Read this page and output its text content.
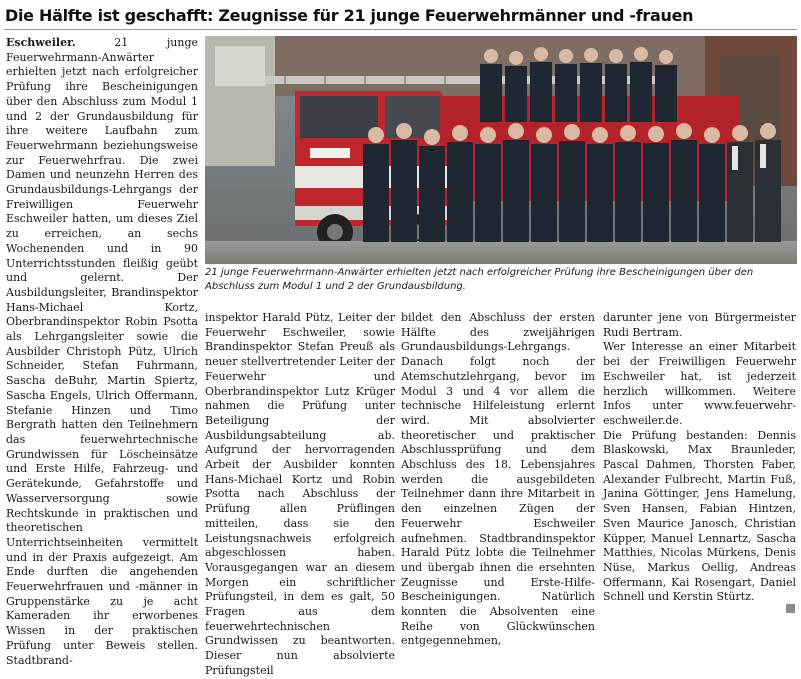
Die Hälfte ist geschafft: Zeugnisse für 21 junge Feuerwehrmänner und -frauen

Eschweiler.	21 junge Feuerwehrmann-Anwärter erhielten jetzt nach erfolgreicher Prüfung ihre Bescheinigungen über den Abschluss zum Modul 1 und 2 der Grundausbildung für ihre weitere Laufbahn zum Feuerwehrmann beziehungsweise zur Feuerwehrfrau. Die zwei Damen und neunzehn Herren des Grundausbildungs-Lehrgangs der Freiwilligen Feuerwehr Eschweiler hatten, um dieses Ziel zu erreichen, an sechs Wochenenden und in 90 Unterrichtsstunden fleißig geübt und gelernt. Der Ausbildungsleiter, Brandinspektor Hans-Michael Kortz, Oberbrandinspektor Robin Psotta als Lehrgangsleiter sowie die Ausbilder Christoph Pütz, Ulrich Schneider, Stefan Fuhrmann, Sascha deBuhr, Martin Spiertz, Sascha Engels, Ulrich Offermann, Stefanie Hinzen und Timo Bergrath hatten den Teilnehmern das feuerwehrtechnische Grundwissen für Löscheinsätze und Erste Hilfe, Fahrzeug- und Gerätekunde, Gefahrstoffe und Wasserversorgung sowie Rechtskunde in praktischen und theoretischen Unterrichtseinheiten vermittelt und in der Praxis aufgezeigt. Am Ende durften die angehenden Feuerwehrfrauen und -männer in Gruppenstärke zu je acht Kameraden ihr erworbenes Wissen in der praktischen Prüfung unter Beweis stellen. Stadtbrand-

21 junge Feuerwehrmann-Anwärter erhielten jetzt nach erfolgreicher Prüfung ihre Bescheinigungen über den Abschluss zum Modul 1 und 2 der Grundausbildung.

inspektor Harald Pütz, Leiter der Feuerwehr Eschweiler, sowie Brandinspektor Stefan Preuß als neuer stellvertretender Leiter der Feuerwehr und Oberbrandinspektor Lutz Krüger nahmen die Prüfung unter Beteiligung der Ausbildungsabteilung ab. Aufgrund der hervorragenden Arbeit der Ausbilder konnten Hans-Michael Kortz und Robin Psotta nach Abschluss der Prüfung allen Prüflingen mitteilen, dass sie den Leistungsnachweis erfolgreich abgeschlossen haben. Vorausgegangen war an diesem Morgen ein schriftlicher Prüfungsteil, in dem es galt, 50 Fragen aus dem feuerwehrtechnischen Grundwissen zu beantworten. Dieser nun absolvierte Prüfungsteil

bildet den Abschluss der ersten Hälfte des zweijährigen Grundausbildungs-Lehrgangs. Danach folgt noch der Atemschutzlehrgang, bevor im Modul 3 und 4 vor allem die technische Hilfeleistung erlernt wird. Mit absolvierter theoretischer und praktischer Abschlussprüfung und dem Abschluss des 18. Lebensjahres werden die ausgebildeten Teilnehmer dann ihre Mitarbeit in den einzelnen Zügen der Feuerwehr Eschweiler aufnehmen. Stadtbrandinspektor Harald Pütz lobte die Teilnehmer und übergab ihnen die ersehnten Zeugnisse und Erste-Hilfe-Bescheinigungen. Natürlich konnten die Absolventen eine Reihe von Glückwünschen entgegennehmen,

darunter jene von Bürgermeister Rudi Bertram.

Wer Interesse an einer Mitarbeit bei der Freiwilligen Feuerwehr Eschweiler hat, ist jederzeit herzlich willkommen. Weitere Infos unter www.feuerwehr-eschweiler.de.

Die Prüfung bestanden: Dennis Blaskowski, Max Braunleder, Pascal Dahmen, Thorsten Faber, Alexander Fulbrecht, Martin Fuß, Janina Göttinger, Jens Hamelung, Sven Hansen, Fabian Hintzen, Sven Maurice Janosch, Christian Küpper, Manuel Lennartz, Sascha Matthies, Nicolas Mürkens, Denis Nüse, Markus Oellig, Andreas Offermann, Kai Rosengart, Daniel Schnell und Kerstin Stürtz.
